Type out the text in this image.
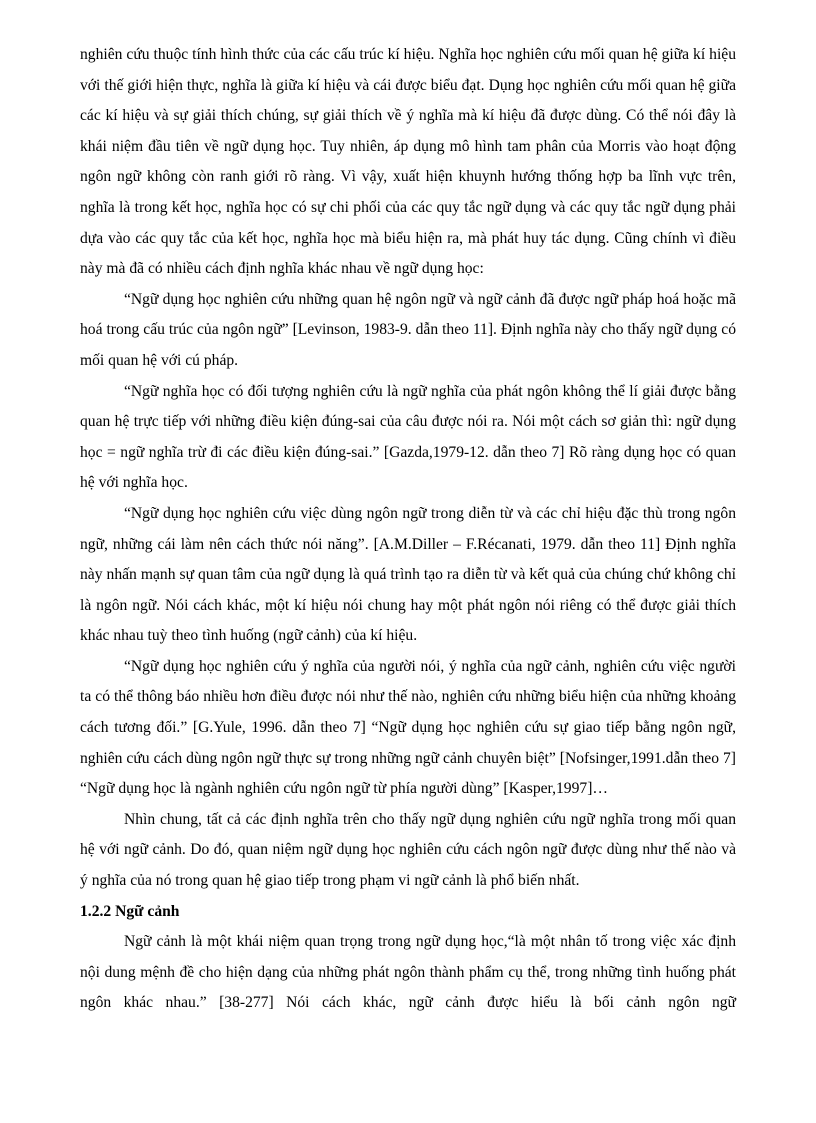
nghiên cứu thuộc tính hình thức của các cấu trúc kí hiệu. Nghĩa học nghiên cứu mối quan hệ giữa kí hiệu với thế giới hiện thực, nghĩa là giữa kí hiệu và cái được biểu đạt. Dụng học nghiên cứu mối quan hệ giữa các kí hiệu và sự giải thích chúng, sự giải thích về ý nghĩa mà kí hiệu đã được dùng. Có thể nói đây là khái niệm đầu tiên về ngữ dụng học. Tuy nhiên, áp dụng mô hình tam phân của Morris vào hoạt động ngôn ngữ không còn ranh giới rõ ràng. Vì vậy, xuất hiện khuynh hướng thống hợp ba lĩnh vực trên, nghĩa là trong kết học, nghĩa học có sự chi phối của các quy tắc ngữ dụng và các quy tắc ngữ dụng phải dựa vào các quy tắc của kết học, nghĩa học mà biểu hiện ra, mà phát huy tác dụng. Cũng chính vì điều này mà đã có nhiều cách định nghĩa khác nhau về ngữ dụng học:

“Ngữ dụng học nghiên cứu những quan hệ ngôn ngữ và ngữ cảnh đã được ngữ pháp hoá hoặc mã hoá trong cấu trúc của ngôn ngữ” [Levinson, 1983-9. dẫn theo 11]. Định nghĩa này cho thấy ngữ dụng có mối quan hệ với cú pháp.

“Ngữ nghĩa học có đối tượng nghiên cứu là ngữ nghĩa của phát ngôn không thể lí giải được bằng quan hệ trực tiếp với những điều kiện đúng-sai của câu được nói ra. Nói một cách sơ giản thì: ngữ dụng học = ngữ nghĩa trừ đi các điều kiện đúng-sai.” [Gazda,1979-12. dẫn theo 7] Rõ ràng dụng học có quan hệ với nghĩa học.

“Ngữ dụng học nghiên cứu việc dùng ngôn ngữ trong diễn từ và các chỉ hiệu đặc thù trong ngôn ngữ, những cái làm nên cách thức nói năng”. [A.M.Diller – F.Récanati, 1979. dẫn theo 11] Định nghĩa này nhấn mạnh sự quan tâm của ngữ dụng là quá trình tạo ra diễn từ và kết quả của chúng chứ không chỉ là ngôn ngữ. Nói cách khác, một kí hiệu nói chung hay một phát ngôn nói riêng có thể được giải thích khác nhau tuỳ theo tình huống (ngữ cảnh) của kí hiệu.

“Ngữ dụng học nghiên cứu ý nghĩa của người nói, ý nghĩa của ngữ cảnh, nghiên cứu việc người ta có thể thông báo nhiều hơn điều được nói như thế nào, nghiên cứu những biểu hiện của những khoảng cách tương đối.” [G.Yule, 1996. dẫn theo 7] “Ngữ dụng học nghiên cứu sự giao tiếp bằng ngôn ngữ, nghiên cứu cách dùng ngôn ngữ thực sự trong những ngữ cảnh chuyên biệt” [Nofsinger,1991.dẫn theo 7] “Ngữ dụng học là ngành nghiên cứu ngôn ngữ từ phía người dùng” [Kasper,1997]…

Nhìn chung, tất cả các định nghĩa trên cho thấy ngữ dụng nghiên cứu ngữ nghĩa trong mối quan hệ với ngữ cảnh. Do đó, quan niệm ngữ dụng học nghiên cứu cách ngôn ngữ được dùng như thế nào và ý nghĩa của nó trong quan hệ giao tiếp trong phạm vi ngữ cảnh là phổ biến nhất.

1.2.2 Ngữ cảnh

Ngữ cảnh là một khái niệm quan trọng trong ngữ dụng học,“là một nhân tố trong việc xác định nội dung mệnh đề cho hiện dạng của những phát ngôn thành phẩm cụ thể, trong những tình huống phát ngôn khác nhau.” [38-277] Nói cách khác, ngữ cảnh được hiểu là bối cảnh ngôn ngữ
